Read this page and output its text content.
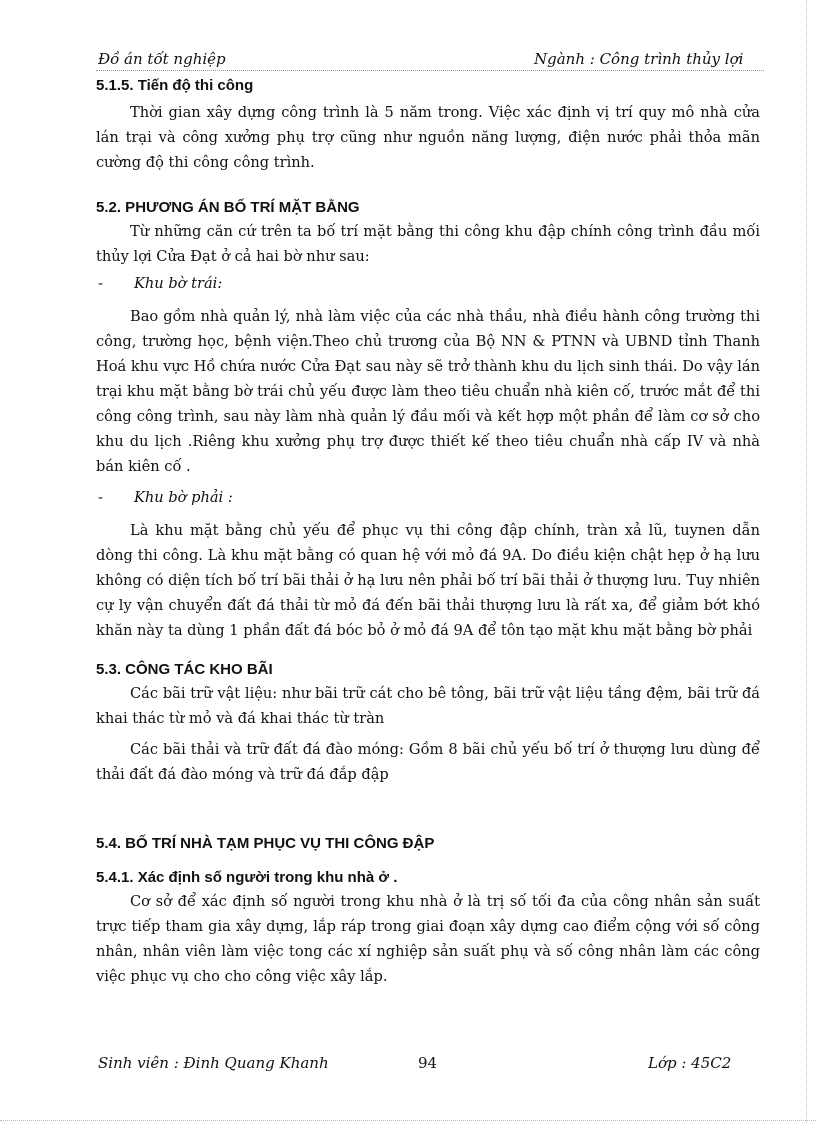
Đồ án tốt nghiệp	Ngành : Công trình thủy lợi
5.1.5. Tiến độ thi công

Thời gian xây dựng công trình là 5 năm trong. Việc xác định vị trí quy mô nhà cửa lán trại và công xưởng phụ trợ cũng như nguồn năng lượng, điện nước phải thỏa mãn cường độ thi công công trình.

5.2. PHƯƠNG ÁN BỐ TRÍ MẶT BẰNG

Từ những căn cứ trên ta bố trí mặt bằng thi công khu đập chính công trình đầu mối thủy lợi Cửa Đạt ở cả hai bờ như sau:

-	Khu bờ trái:

Bao gồm nhà quản lý, nhà làm việc của các nhà thầu, nhà điều hành công trường thi công, trường học, bệnh viện.Theo chủ trương của Bộ NN & PTNN và UBND tỉnh Thanh Hoá khu vực Hồ chứa nước Cửa Đạt sau này sẽ trở thành khu du lịch sinh thái. Do vậy lán trại khu mặt bằng bờ trái chủ yếu được làm theo tiêu chuẩn nhà kiên cố, trước mắt để thi công công trình, sau này làm nhà quản lý đầu mối và kết hợp một phần để làm cơ sở cho khu du lịch .Riêng khu xưởng phụ trợ được thiết kế theo tiêu chuẩn nhà cấp IV và nhà bán kiên cố .

-	Khu bờ phải :

Là khu mặt bằng chủ yếu để phục vụ thi công đập chính, tràn xả lũ, tuynen dẫn dòng thi công. Là khu mặt bằng có quan hệ với mỏ đá 9A. Do điều kiện chật hẹp ở hạ lưu không có diện tích bố trí bãi thải ở hạ lưu nên phải bố trí bãi thải ở thượng lưu. Tuy nhiên cự ly vận chuyển đất đá thải từ mỏ đá đến bãi thải thượng lưu là rất xa, để giảm bớt khó khăn này ta dùng 1 phần đất đá bóc bỏ ở mỏ đá 9A để tôn tạo mặt khu mặt bằng bờ phải

5.3. CÔNG TÁC KHO BÃI

Các bãi trữ vật liệu: như bãi trữ cát cho bê tông, bãi trữ vật liệu tầng đệm, bãi trữ đá khai thác từ mỏ và đá khai thác từ tràn

Các bãi thải và trữ đất đá đào móng: Gồm 8 bãi chủ yếu bố trí ở thượng lưu dùng để thải đất đá đào móng và trữ đá đắp đập

5.4. BỐ TRÍ NHÀ TẠM PHỤC VỤ THI CÔNG ĐẬP
5.4.1. Xác định số người trong khu nhà ở .

Cơ sở để xác định số người trong khu nhà ở là trị số tối đa của công nhân sản suất trực tiếp tham gia xây dựng, lắp ráp trong giai đoạn xây dựng cao điểm cộng với số công nhân, nhân viên làm việc tong các xí nghiệp sản suất phụ và số công nhân làm các công việc phục vụ cho cho công việc xây lắp.

Sinh viên : Đinh Quang Khanh	94	Lớp : 45C2
